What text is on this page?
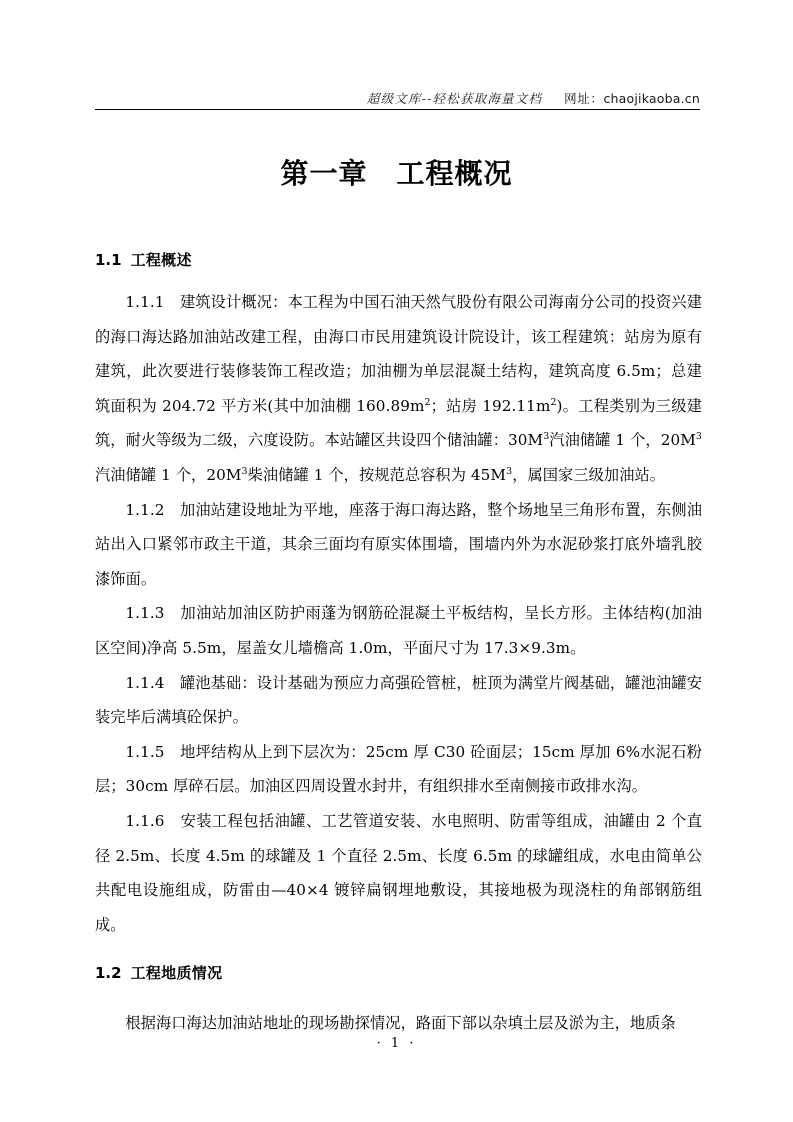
超级文库--轻松获取海量文档 网址：chaojikaoba.cn
第一章　工程概况
1.1 工程概述

1.1.1　建筑设计概况：本工程为中国石油天然气股份有限公司海南分公司的投资兴建的海口海达路加油站改建工程，由海口市民用建筑设计院设计，该工程建筑：站房为原有建筑，此次要进行装修装饰工程改造；加油棚为单层混凝土结构，建筑高度 6.5m；总建筑面积为 204.72 平方米(其中加油棚 $160.89m^2$；站房 $192.11m^2$)。工程类别为三级建筑，耐火等级为二级，六度设防。本站罐区共设四个储油罐：$30M^3$汽油储罐 1 个，$20M^3$汽油储罐 1 个，$20M^3$柴油储罐 1 个，按规范总容积为 $45M^3$，属国家三级加油站。

1.1.2　加油站建设地址为平地，座落于海口海达路，整个场地呈三角形布置，东侧油站出入口紧邻市政主干道，其余三面均有原实体围墙，围墙内外为水泥砂浆打底外墙乳胶漆饰面。

1.1.3　加油站加油区防护雨蓬为钢筋砼混凝土平板结构，呈长方形。主体结构(加油区空间)净高 5.5m，屋盖女儿墙檐高 1.0m，平面尺寸为 17.3×9.3m。

1.1.4　罐池基础：设计基础为预应力高强砼管桩，桩顶为满堂片阀基础，罐池油罐安装完毕后满填砼保护。

1.1.5　地坪结构从上到下层次为：25cm 厚 C30 砼面层；15cm 厚加 6%水泥石粉层；30cm 厚碎石层。加油区四周设置水封井，有组织排水至南侧接市政排水沟。

1.1.6　安装工程包括油罐、工艺管道安装、水电照明、防雷等组成，油罐由 2 个直径 2.5m、长度 4.5m 的球罐及 1 个直径 2.5m、长度 6.5m 的球罐组成，水电由简单公共配电设施组成，防雷由—40×4 镀锌扁钢埋地敷设，其接地极为现浇柱的角部钢筋组成。

1.2 工程地质情况

根据海口海达加油站地址的现场勘探情况，路面下部以杂填土层及淤为主，地质条

· 1 ·
